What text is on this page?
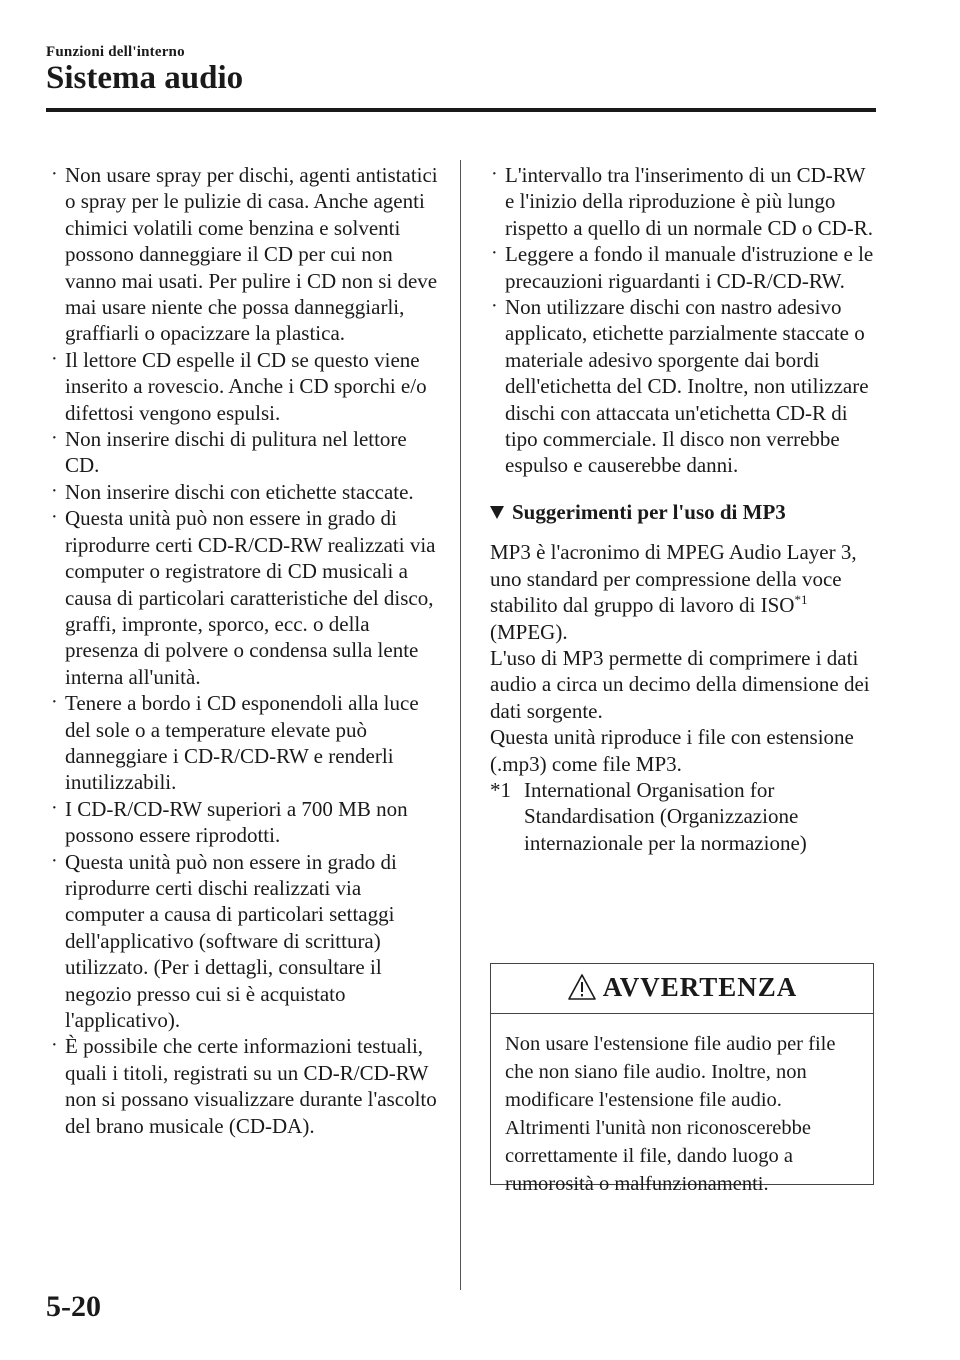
Funzioni dell'interno
Sistema audio
· Non usare spray per dischi, agenti antistatici o spray per le pulizie di casa. Anche agenti chimici volatili come benzina e solventi possono danneggiare il CD per cui non vanno mai usati. Per pulire i CD non si deve mai usare niente che possa danneggiarli, graffiarli o opacizzare la plastica.
· Il lettore CD espelle il CD se questo viene inserito a rovescio. Anche i CD sporchi e/o difettosi vengono espulsi.
· Non inserire dischi di pulitura nel lettore CD.
· Non inserire dischi con etichette staccate.
· Questa unità può non essere in grado di riprodurre certi CD-R/CD-RW realizzati via computer o registratore di CD musicali a causa di particolari caratteristiche del disco, graffi, impronte, sporco, ecc. o della presenza di polvere o condensa sulla lente interna all'unità.
· Tenere a bordo i CD esponendoli alla luce del sole o a temperature elevate può danneggiare i CD-R/CD-RW e renderli inutilizzabili.
· I CD-R/CD-RW superiori a 700 MB non possono essere riprodotti.
· Questa unità può non essere in grado di riprodurre certi dischi realizzati via computer a causa di particolari settaggi dell'applicativo (software di scrittura) utilizzato. (Per i dettagli, consultare il negozio presso cui si è acquistato l'applicativo).
· È possibile che certe informazioni testuali, quali i titoli, registrati su un CD-R/CD-RW non si possano visualizzare durante l'ascolto del brano musicale (CD-DA).
· L'intervallo tra l'inserimento di un CD-RW e l'inizio della riproduzione è più lungo rispetto a quello di un normale CD o CD-R.
· Leggere a fondo il manuale d'istruzione e le precauzioni riguardanti i CD-R/CD-RW.
· Non utilizzare dischi con nastro adesivo applicato, etichette parzialmente staccate o materiale adesivo sporgente dai bordi dell'etichetta del CD. Inoltre, non utilizzare dischi con attaccata un'etichetta CD-R di tipo commerciale. Il disco non verrebbe espulso e causerebbe danni.
Suggerimenti per l'uso di MP3

MP3 è l'acronimo di MPEG Audio Layer 3, uno standard per compressione della voce stabilito dal gruppo di lavoro di ISO$^{*1}$ (MPEG).

L'uso di MP3 permette di comprimere i dati audio a circa un decimo della dimensione dei dati sorgente.

Questa unità riproduce i file con estensione (.mp3) come file MP3.

*1 International Organisation for Standardisation (Organizzazione internazionale per la normazione)
AVVERTENZA
Non usare l'estensione file audio per file che non siano file audio. Inoltre, non modificare l'estensione file audio. Altrimenti l'unità non riconoscerebbe correttamente il file, dando luogo a rumorosità o malfunzionamenti.
5-20
